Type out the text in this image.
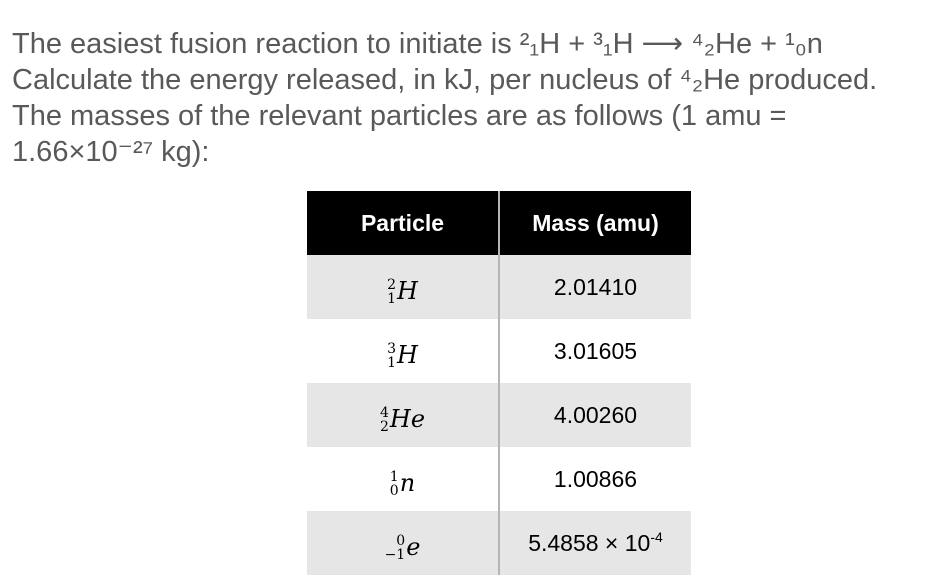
The easiest fusion reaction to initiate is ²₁H + ³₁H ⟶ ⁴₂He + ¹₀n
Calculate the energy released, in kJ, per nucleus of ⁴₂He produced.
The masses of the relevant particles are as follows (1 amu =
1.66×10⁻²⁷ kg):
Particle	Mass (amu)

2
1 H	2.01410

3
1 H	3.01605

4
2 He	4.00260

1
0 n	1.00866

0
−1 e	$5.4858 \times 10^{-4}$
